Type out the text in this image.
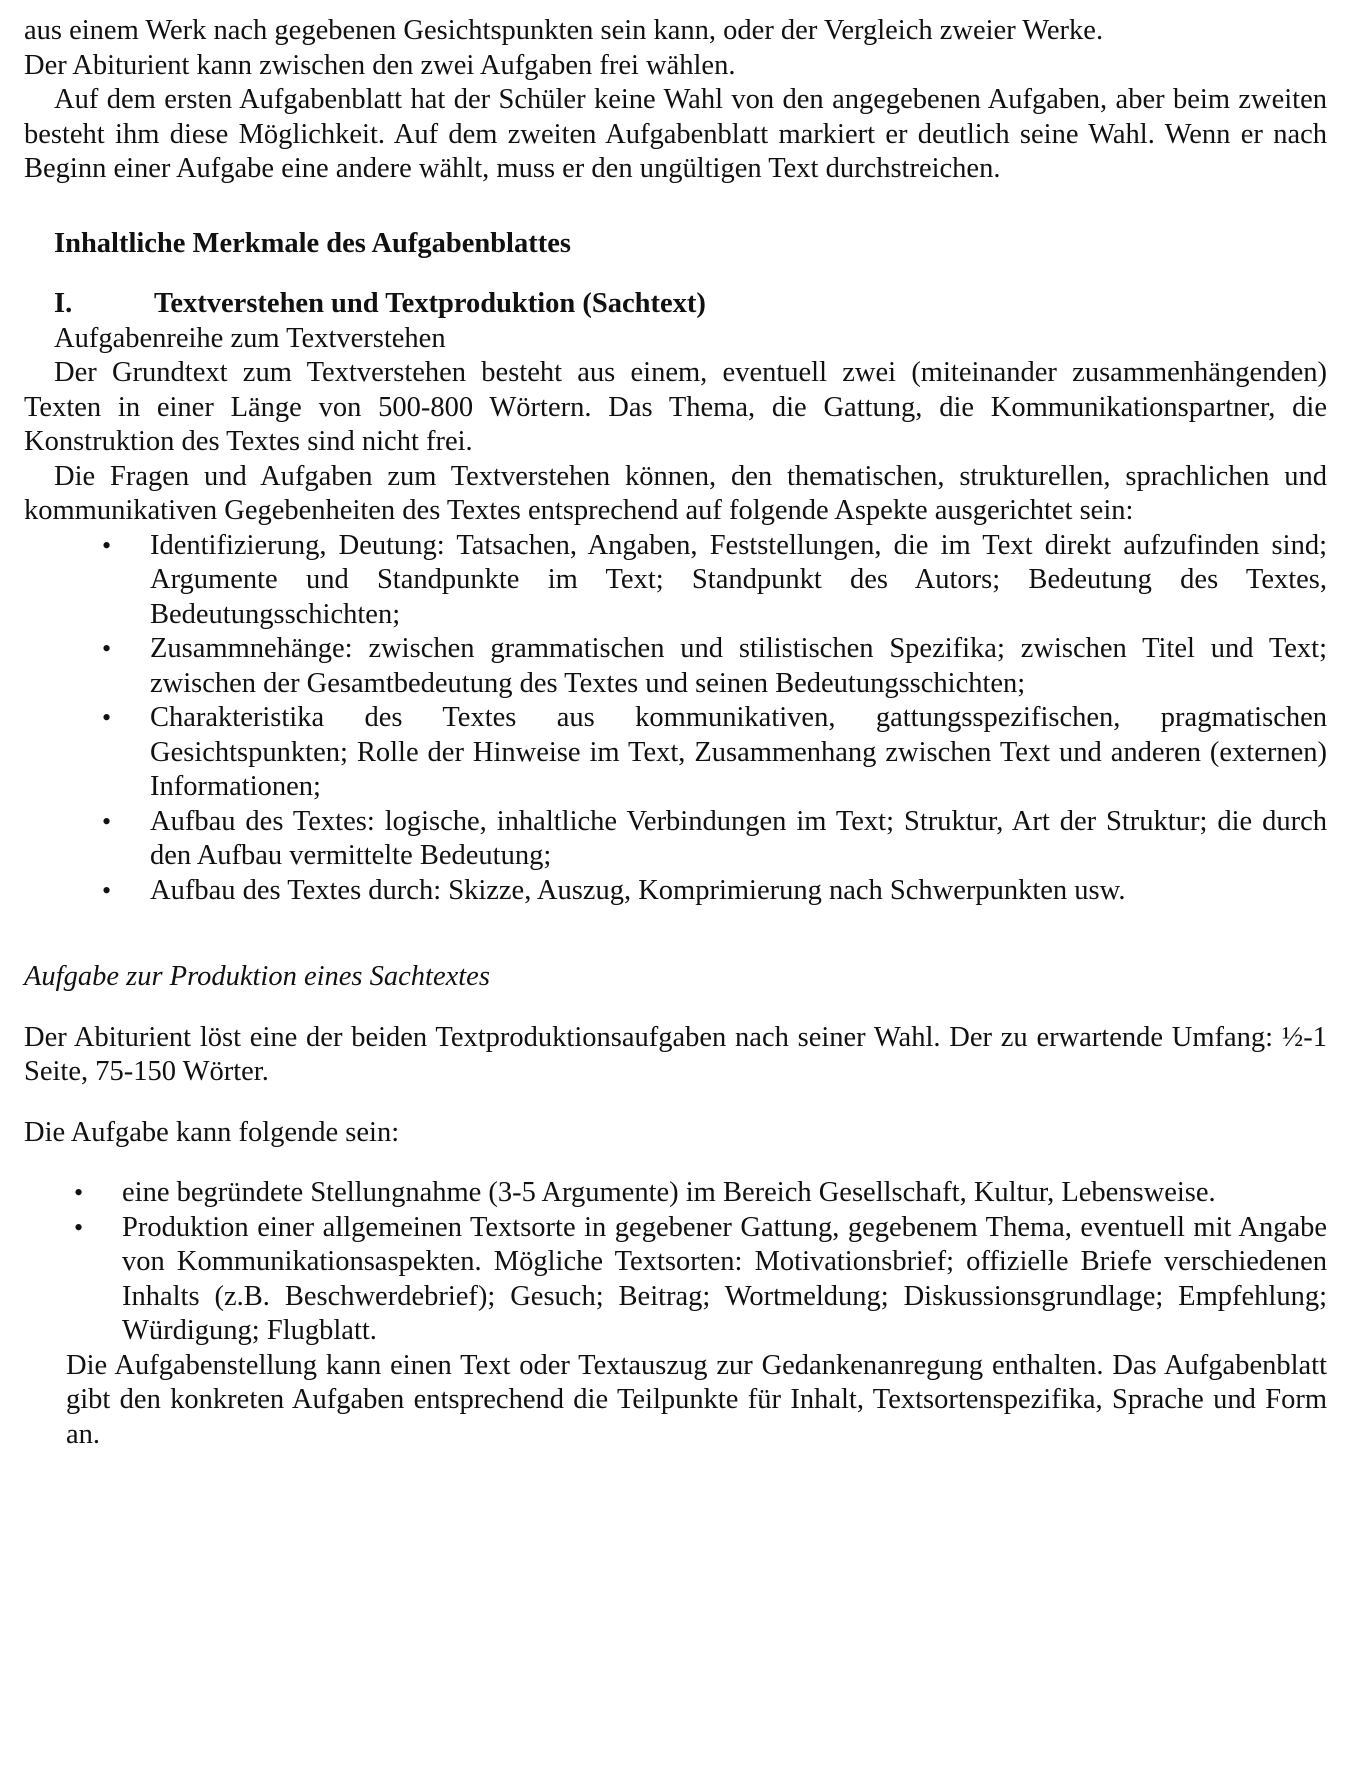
aus einem Werk nach gegebenen Gesichtspunkten sein kann, oder der Vergleich zweier Werke.

Der Abiturient kann zwischen den zwei Aufgaben frei wählen.

Auf dem ersten Aufgabenblatt hat der Schüler keine Wahl von den angegebenen Aufgaben, aber beim zweiten besteht ihm diese Möglichkeit. Auf dem zweiten Aufgabenblatt markiert er deutlich seine Wahl. Wenn er nach Beginn einer Aufgabe eine andere wählt, muss er den ungültigen Text durchstreichen.

Inhaltliche Merkmale des Aufgabenblattes
I.	Textverstehen und Textproduktion (Sachtext)

Aufgabenreihe zum Textverstehen

Der Grundtext zum Textverstehen besteht aus einem, eventuell zwei (miteinander zusammenhängenden) Texten in einer Länge von 500-800 Wörtern. Das Thema, die Gattung, die Kommunikationspartner, die Konstruktion des Textes sind nicht frei.

Die Fragen und Aufgaben zum Textverstehen können, den thematischen, strukturellen, sprachlichen und kommunikativen Gegebenheiten des Textes entsprechend auf folgende Aspekte ausgerichtet sein:

• Identifizierung, Deutung: Tatsachen, Angaben, Feststellungen, die im Text direkt aufzufinden sind; Argumente und Standpunkte im Text; Standpunkt des Autors; Bedeutung des Textes, Bedeutungsschichten;
• Zusammnehänge: zwischen grammatischen und stilistischen Spezifika; zwischen Titel und Text; zwischen der Gesamtbedeutung des Textes und seinen Bedeutungsschichten;
• Charakteristika des Textes aus kommunikativen, gattungsspezifischen, pragmatischen Gesichtspunkten; Rolle der Hinweise im Text, Zusammenhang zwischen Text und anderen (externen) Informationen;
• Aufbau des Textes: logische, inhaltliche Verbindungen im Text; Struktur, Art der Struktur; die durch den Aufbau vermittelte Bedeutung;
• Aufbau des Textes durch: Skizze, Auszug, Komprimierung nach Schwerpunkten usw.

Aufgabe zur Produktion eines Sachtextes

Der Abiturient löst eine der beiden Textproduktionsaufgaben nach seiner Wahl. Der zu erwartende Umfang: ½-1 Seite, 75-150 Wörter.

Die Aufgabe kann folgende sein:

• eine begründete Stellungnahme (3-5 Argumente) im Bereich Gesellschaft, Kultur, Lebensweise.
• Produktion einer allgemeinen Textsorte in gegebener Gattung, gegebenem Thema, eventuell mit Angabe von Kommunikationsaspekten. Mögliche Textsorten: Motivationsbrief; offizielle Briefe verschiedenen Inhalts (z.B. Beschwerdebrief); Gesuch; Beitrag; Wortmeldung; Diskussionsgrundlage; Empfehlung; Würdigung; Flugblatt.

Die Aufgabenstellung kann einen Text oder Textauszug zur Gedankenanregung enthalten. Das Aufgabenblatt gibt den konkreten Aufgaben entsprechend die Teilpunkte für Inhalt, Textsortenspezifika, Sprache und Form an.
